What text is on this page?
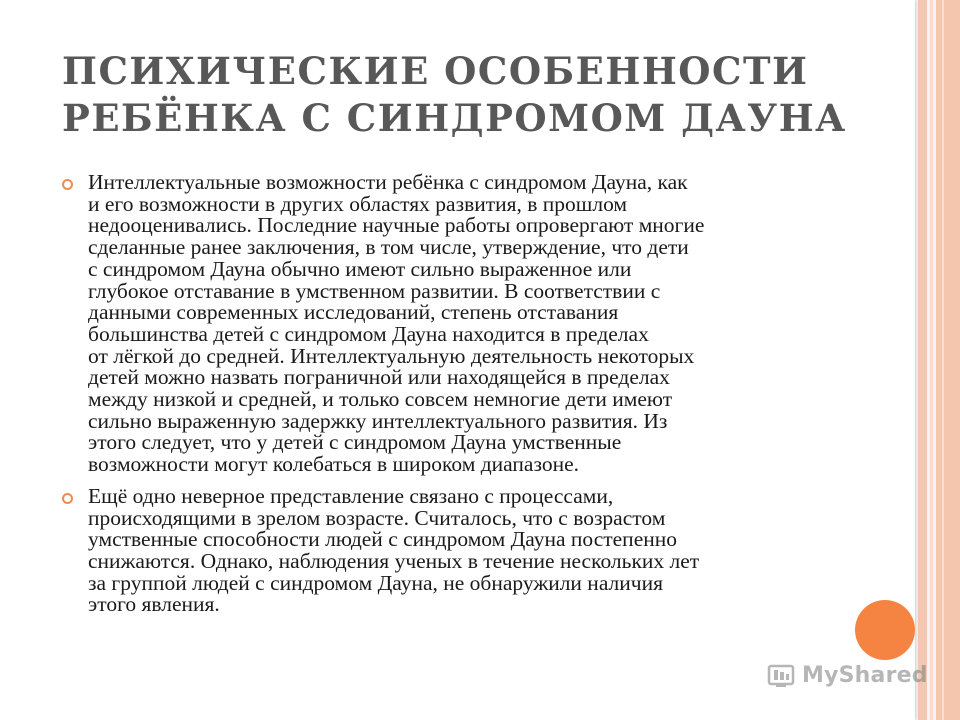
ПСИХИЧЕСКИЕ ОСОБЕННОСТИ
РЕБЁНКА С СИНДРОМОМ ДАУНА
Интеллектуальные возможности ребёнка с синдромом Дауна, как
и его возможности в других областях развития, в прошлом
недооценивались. Последние научные работы опровергают многие
сделанные ранее заключения, в том числе, утверждение, что дети
с синдромом Дауна обычно имеют сильно выраженное или
глубокое отставание в умственном развитии. В соответствии с
данными современных исследований, степень отставания
большинства детей с синдромом Дауна находится в пределах
от лёгкой до средней. Интеллектуальную деятельность некоторых
детей можно назвать пограничной или находящейся в пределах
между низкой и средней, и только совсем немногие дети имеют
сильно выраженную задержку интеллектуального развития. Из
этого следует, что у детей с синдромом Дауна умственные
возможности могут колебаться в широком диапазоне.
Ещё одно неверное представление связано с процессами,
происходящими в зрелом возрасте. Считалось, что с возрастом
умственные способности людей с синдромом Дауна постепенно
снижаются. Однако, наблюдения ученых в течение нескольких лет
за группой людей с синдромом Дауна, не обнаружили наличия
этого явления.
MyShared
